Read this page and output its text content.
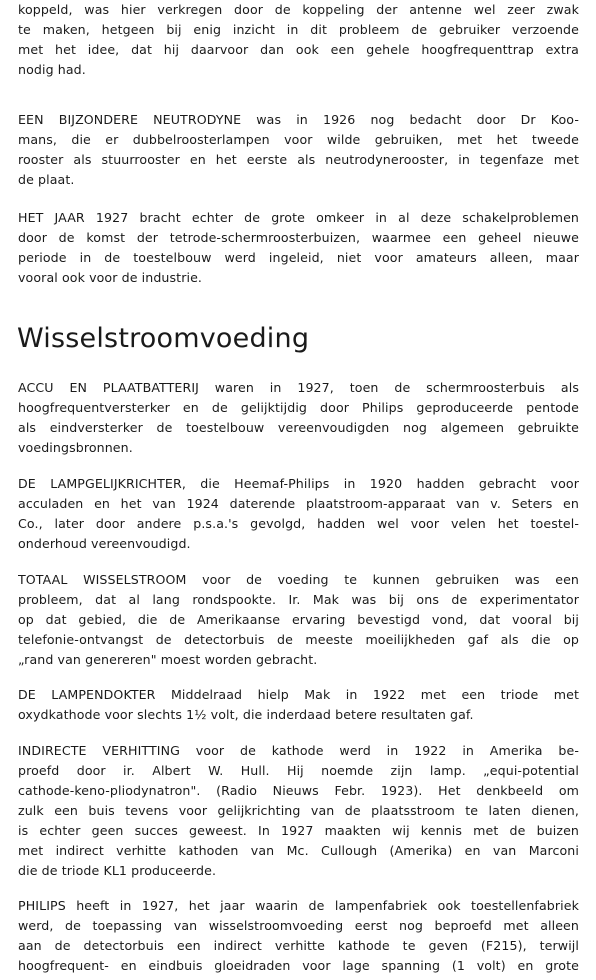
koppeld, was hier verkregen door de koppeling der antenne wel zeer zwak

te maken, hetgeen bij enig inzicht in dit probleem de gebruiker verzoende

met het idee, dat hij daarvoor dan ook een gehele hoogfrequenttrap extra

nodig had.

EEN BIJZONDERE NEUTRODYNE was in 1926 nog bedacht door Dr Koo-

mans, die er dubbelroosterlampen voor wilde gebruiken, met het tweede

rooster als stuurrooster en het eerste als neutrodynerooster, in tegenfaze met

de plaat.

HET JAAR 1927 bracht echter de grote omkeer in al deze schakelproblemen

door de komst der tetrode-schermroosterbuizen, waarmee een geheel nieuwe

periode in de toestelbouw werd ingeleid, niet voor amateurs alleen, maar

vooral ook voor de industrie.

Wisselstroomvoeding

ACCU EN PLAATBATTERIJ waren in 1927, toen de schermroosterbuis als

hoogfrequentversterker en de gelijktijdig door Philips geproduceerde pentode

als eindversterker de toestelbouw vereenvoudigden nog algemeen gebruikte

voedingsbronnen.

DE LAMPGELIJKRICHTER, die Heemaf-Philips in 1920 hadden gebracht voor

acculaden en het van 1924 daterende plaatstroom-apparaat van v. Seters en

Co., later door andere p.s.a.'s gevolgd, hadden wel voor velen het toestel-

onderhoud vereenvoudigd.

TOTAAL WISSELSTROOM voor de voeding te kunnen gebruiken was een

probleem, dat al lang rondspookte. Ir. Mak was bij ons de experimentator

op dat gebied, die de Amerikaanse ervaring bevestigd vond, dat vooral bij

telefonie-ontvangst de detectorbuis de meeste moeilijkheden gaf als die op

„rand van genereren" moest worden gebracht.

DE LAMPENDOKTER Middelraad hielp Mak in 1922 met een triode met

oxydkathode voor slechts 1½ volt, die inderdaad betere resultaten gaf.

INDIRECTE VERHITTING voor de kathode werd in 1922 in Amerika be-

proefd door ir. Albert W. Hull. Hij noemde zijn lamp. „equi-potential

cathode-keno-pliodynatron". (Radio Nieuws Febr. 1923). Het denkbeeld om

zulk een buis tevens voor gelijkrichting van de plaatsstroom te laten dienen,

is echter geen succes geweest. In 1927 maakten wij kennis met de buizen

met indirect verhitte kathoden van Mc. Cullough (Amerika) en van Marconi

die de triode KL1 produceerde.

PHILIPS heeft in 1927, het jaar waarin de lampenfabriek ook toestellenfabriek

werd, de toepassing van wisselstroomvoeding eerst nog beproefd met alleen

aan de detectorbuis een indirect verhitte kathode te geven (F215), terwijl

hoogfrequent- en eindbuis gloeidraden voor lage spanning (1 volt) en grote
